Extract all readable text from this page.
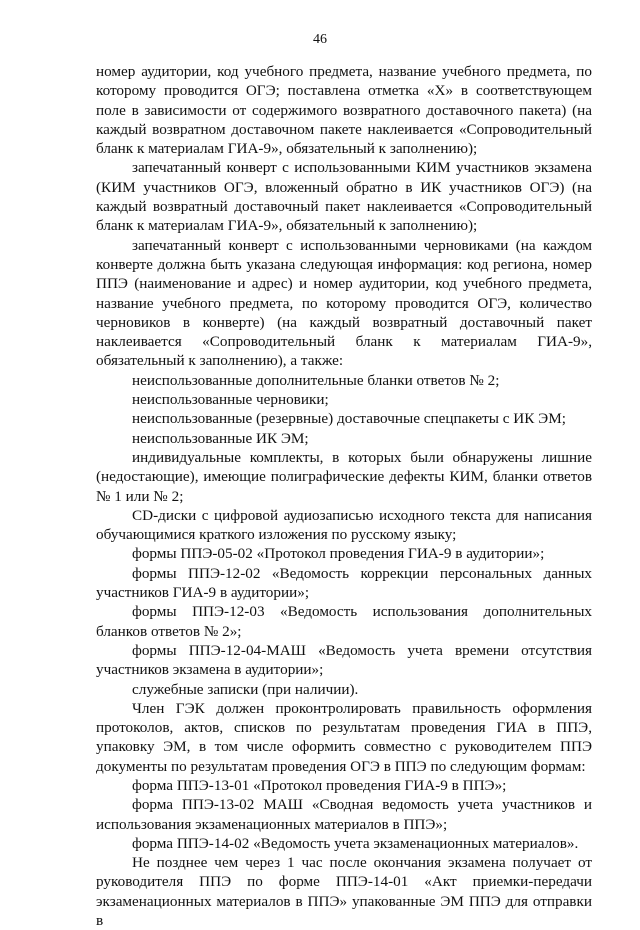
46

номер аудитории, код учебного предмета, название учебного предмета, по которому проводится ОГЭ; поставлена отметка «Х» в соответствующем поле в зависимости от содержимого возвратного доставочного пакета) (на каждый возвратном доставочном пакете наклеивается «Сопроводительный бланк к материалам ГИА-9», обязательный к заполнению);

запечатанный конверт с использованными КИМ участников экзамена (КИМ участников ОГЭ, вложенный обратно в ИК участников ОГЭ) (на каждый возвратный доставочный пакет наклеивается «Сопроводительный бланк к материалам ГИА-9», обязательный к заполнению);

запечатанный конверт с использованными черновиками (на каждом конверте должна быть указана следующая информация: код региона, номер ППЭ (наименование и адрес) и номер аудитории, код учебного предмета, название учебного предмета, по которому проводится ОГЭ, количество черновиков в конверте) (на каждый возвратный доставочный пакет наклеивается «Сопроводительный бланк к материалам ГИА-9», обязательный к заполнению), а также:

неиспользованные дополнительные бланки ответов № 2;

неиспользованные черновики;

неиспользованные (резервные) доставочные спецпакеты с ИК ЭМ;

неиспользованные ИК ЭМ;

индивидуальные комплекты, в которых были обнаружены лишние (недостающие), имеющие полиграфические дефекты КИМ, бланки ответов № 1 или № 2;

CD-диски с цифровой аудиозаписью исходного текста для написания обучающимися краткого изложения по русскому языку;

формы ППЭ-05-02 «Протокол проведения ГИА-9 в аудитории»;

формы ППЭ-12-02 «Ведомость коррекции персональных данных участников ГИА-9 в аудитории»;

формы ППЭ-12-03 «Ведомость использования дополнительных бланков ответов № 2»;

формы ППЭ-12-04-МАШ «Ведомость учета времени отсутствия участников экзамена в аудитории»;

служебные записки (при наличии).

Член ГЭК должен проконтролировать правильность оформления протоколов, актов, списков по результатам проведения ГИА в ППЭ, упаковку ЭМ, в том числе оформить совместно с руководителем ППЭ документы по результатам проведения ОГЭ в ППЭ по следующим формам:

форма ППЭ-13-01 «Протокол проведения ГИА-9 в ППЭ»;

форма ППЭ-13-02 МАШ «Сводная ведомость учета участников и использования экзаменационных материалов в ППЭ»;

форма ППЭ-14-02 «Ведомость учета экзаменационных материалов».

Не позднее чем через 1 час после окончания экзамена получает от руководителя ППЭ по форме ППЭ-14-01 «Акт приемки-передачи экзаменационных материалов в ППЭ» упакованные ЭМ ППЭ для отправки в
